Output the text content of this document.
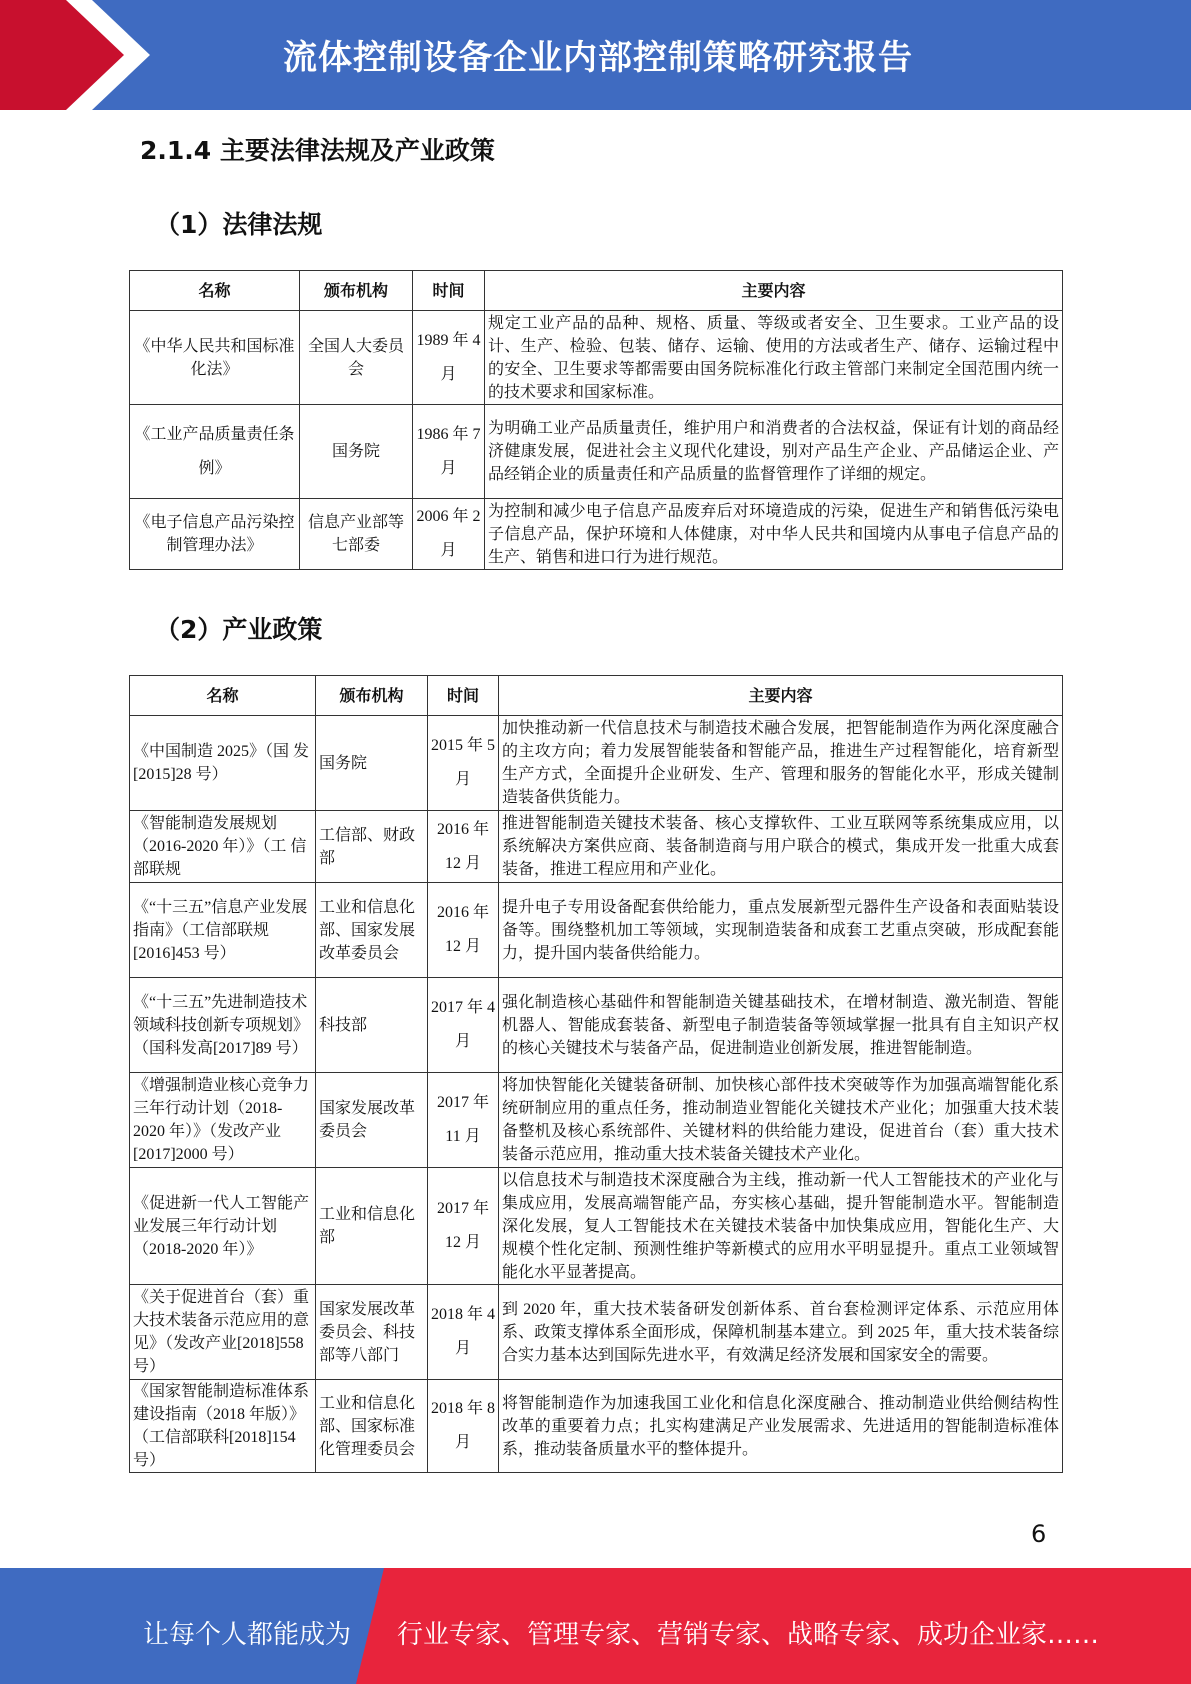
流体控制设备企业内部控制策略研究报告
2.1.4 主要法律法规及产业政策
（1）法律法规
名称	颁布机构	时间	主要内容
《中华人民共和国标准化法》	全国人大委员会	1989 年 4 月	规定工业产品的品种、规格、质量、等级或者安全、卫生要求。工业产品的设计、生产、检验、包装、储存、运输、使用的方法或者生产、储存、运输过程中的安全、卫生要求等都需要由国务院标准化行政主管部门来制定全国范围内统一的技术要求和国家标准。
《工业产品质量责任条例》	国务院	1986 年 7 月	为明确工业产品质量责任，维护用户和消费者的合法权益，保证有计划的商品经济健康发展，促进社会主义现代化建设，别对产品生产企业、产品储运企业、产品经销企业的质量责任和产品质量的监督管理作了详细的规定。
《电子信息产品污染控制管理办法》	信息产业部等七部委	2006 年 2 月	为控制和减少电子信息产品废弃后对环境造成的污染，促进生产和销售低污染电子信息产品，保护环境和人体健康，对中华人民共和国境内从事电子信息产品的生产、销售和进口行为进行规范。
（2）产业政策
名称	颁布机构	时间	主要内容
《中国制造 2025》（国 发[2015]28 号）	国务院	2015 年 5 月	加快推动新一代信息技术与制造技术融合发展，把智能制造作为两化深度融合的主攻方向；着力发展智能装备和智能产品，推进生产过程智能化，培育新型生产方式，全面提升企业研发、生产、管理和服务的智能化水平，形成关键制造装备供货能力。
《智能制造发展规划（2016-2020 年）》（工 信部联规	工信部、财政部	2016 年 12 月	推进智能制造关键技术装备、核心支撑软件、工业互联网等系统集成应用，以系统解决方案供应商、装备制造商与用户联合的模式，集成开发一批重大成套装备，推进工程应用和产业化。
《“十三五”信息产业发展指南》（工信部联规[2016]453 号）	工业和信息化部、国家发展改革委员会	2016 年 12 月	提升电子专用设备配套供给能力，重点发展新型元器件生产设备和表面贴装设备等。围绕整机加工等领域，实现制造装备和成套工艺重点突破，形成配套能力，提升国内装备供给能力。
《“十三五”先进制造技术领域科技创新专项规划》（国科发高[2017]89 号）	科技部	2017 年 4 月	强化制造核心基础件和智能制造关键基础技术，在增材制造、激光制造、智能机器人、智能成套装备、新型电子制造装备等领域掌握一批具有自主知识产权的核心关键技术与装备产品，促进制造业创新发展，推进智能制造。
《增强制造业核心竞争力三年行动计划（2018-2020 年）》（发改产业[2017]2000 号）	国家发展改革委员会	2017 年 11 月	将加快智能化关键装备研制、加快核心部件技术突破等作为加强高端智能化系统研制应用的重点任务，推动制造业智能化关键技术产业化；加强重大技术装备整机及核心系统部件、关键材料的供给能力建设，促进首台（套）重大技术装备示范应用，推动重大技术装备关键技术产业化。
《促进新一代人工智能产业发展三年行动计划（2018-2020 年）》	工业和信息化部	2017 年 12 月	以信息技术与制造技术深度融合为主线，推动新一代人工智能技术的产业化与集成应用，发展高端智能产品，夯实核心基础，提升智能制造水平。智能制造深化发展，复人工智能技术在关键技术装备中加快集成应用，智能化生产、大规模个性化定制、预测性维护等新模式的应用水平明显提升。重点工业领域智能化水平显著提高。
《关于促进首台（套）重大技术装备示范应用的意见》（发改产业[2018]558 号）	国家发展改革委员会、科技部等八部门	2018 年 4 月	到 2020 年，重大技术装备研发创新体系、首台套检测评定体系、示范应用体系、政策支撑体系全面形成，保障机制基本建立。到 2025 年，重大技术装备综合实力基本达到国际先进水平，有效满足经济发展和国家安全的需要。
《国家智能制造标准体系建设指南（2018 年版）》（工信部联科[2018]154 号）	工业和信息化部、国家标准化管理委员会	2018 年 8 月	将智能制造作为加速我国工业化和信息化深度融合、推动制造业供给侧结构性改革的重要着力点；扎实构建满足产业发展需求、先进适用的智能制造标准体系，推动装备质量水平的整体提升。
6
让每个人都能成为 行业专家、管理专家、营销专家、战略专家、成功企业家……
